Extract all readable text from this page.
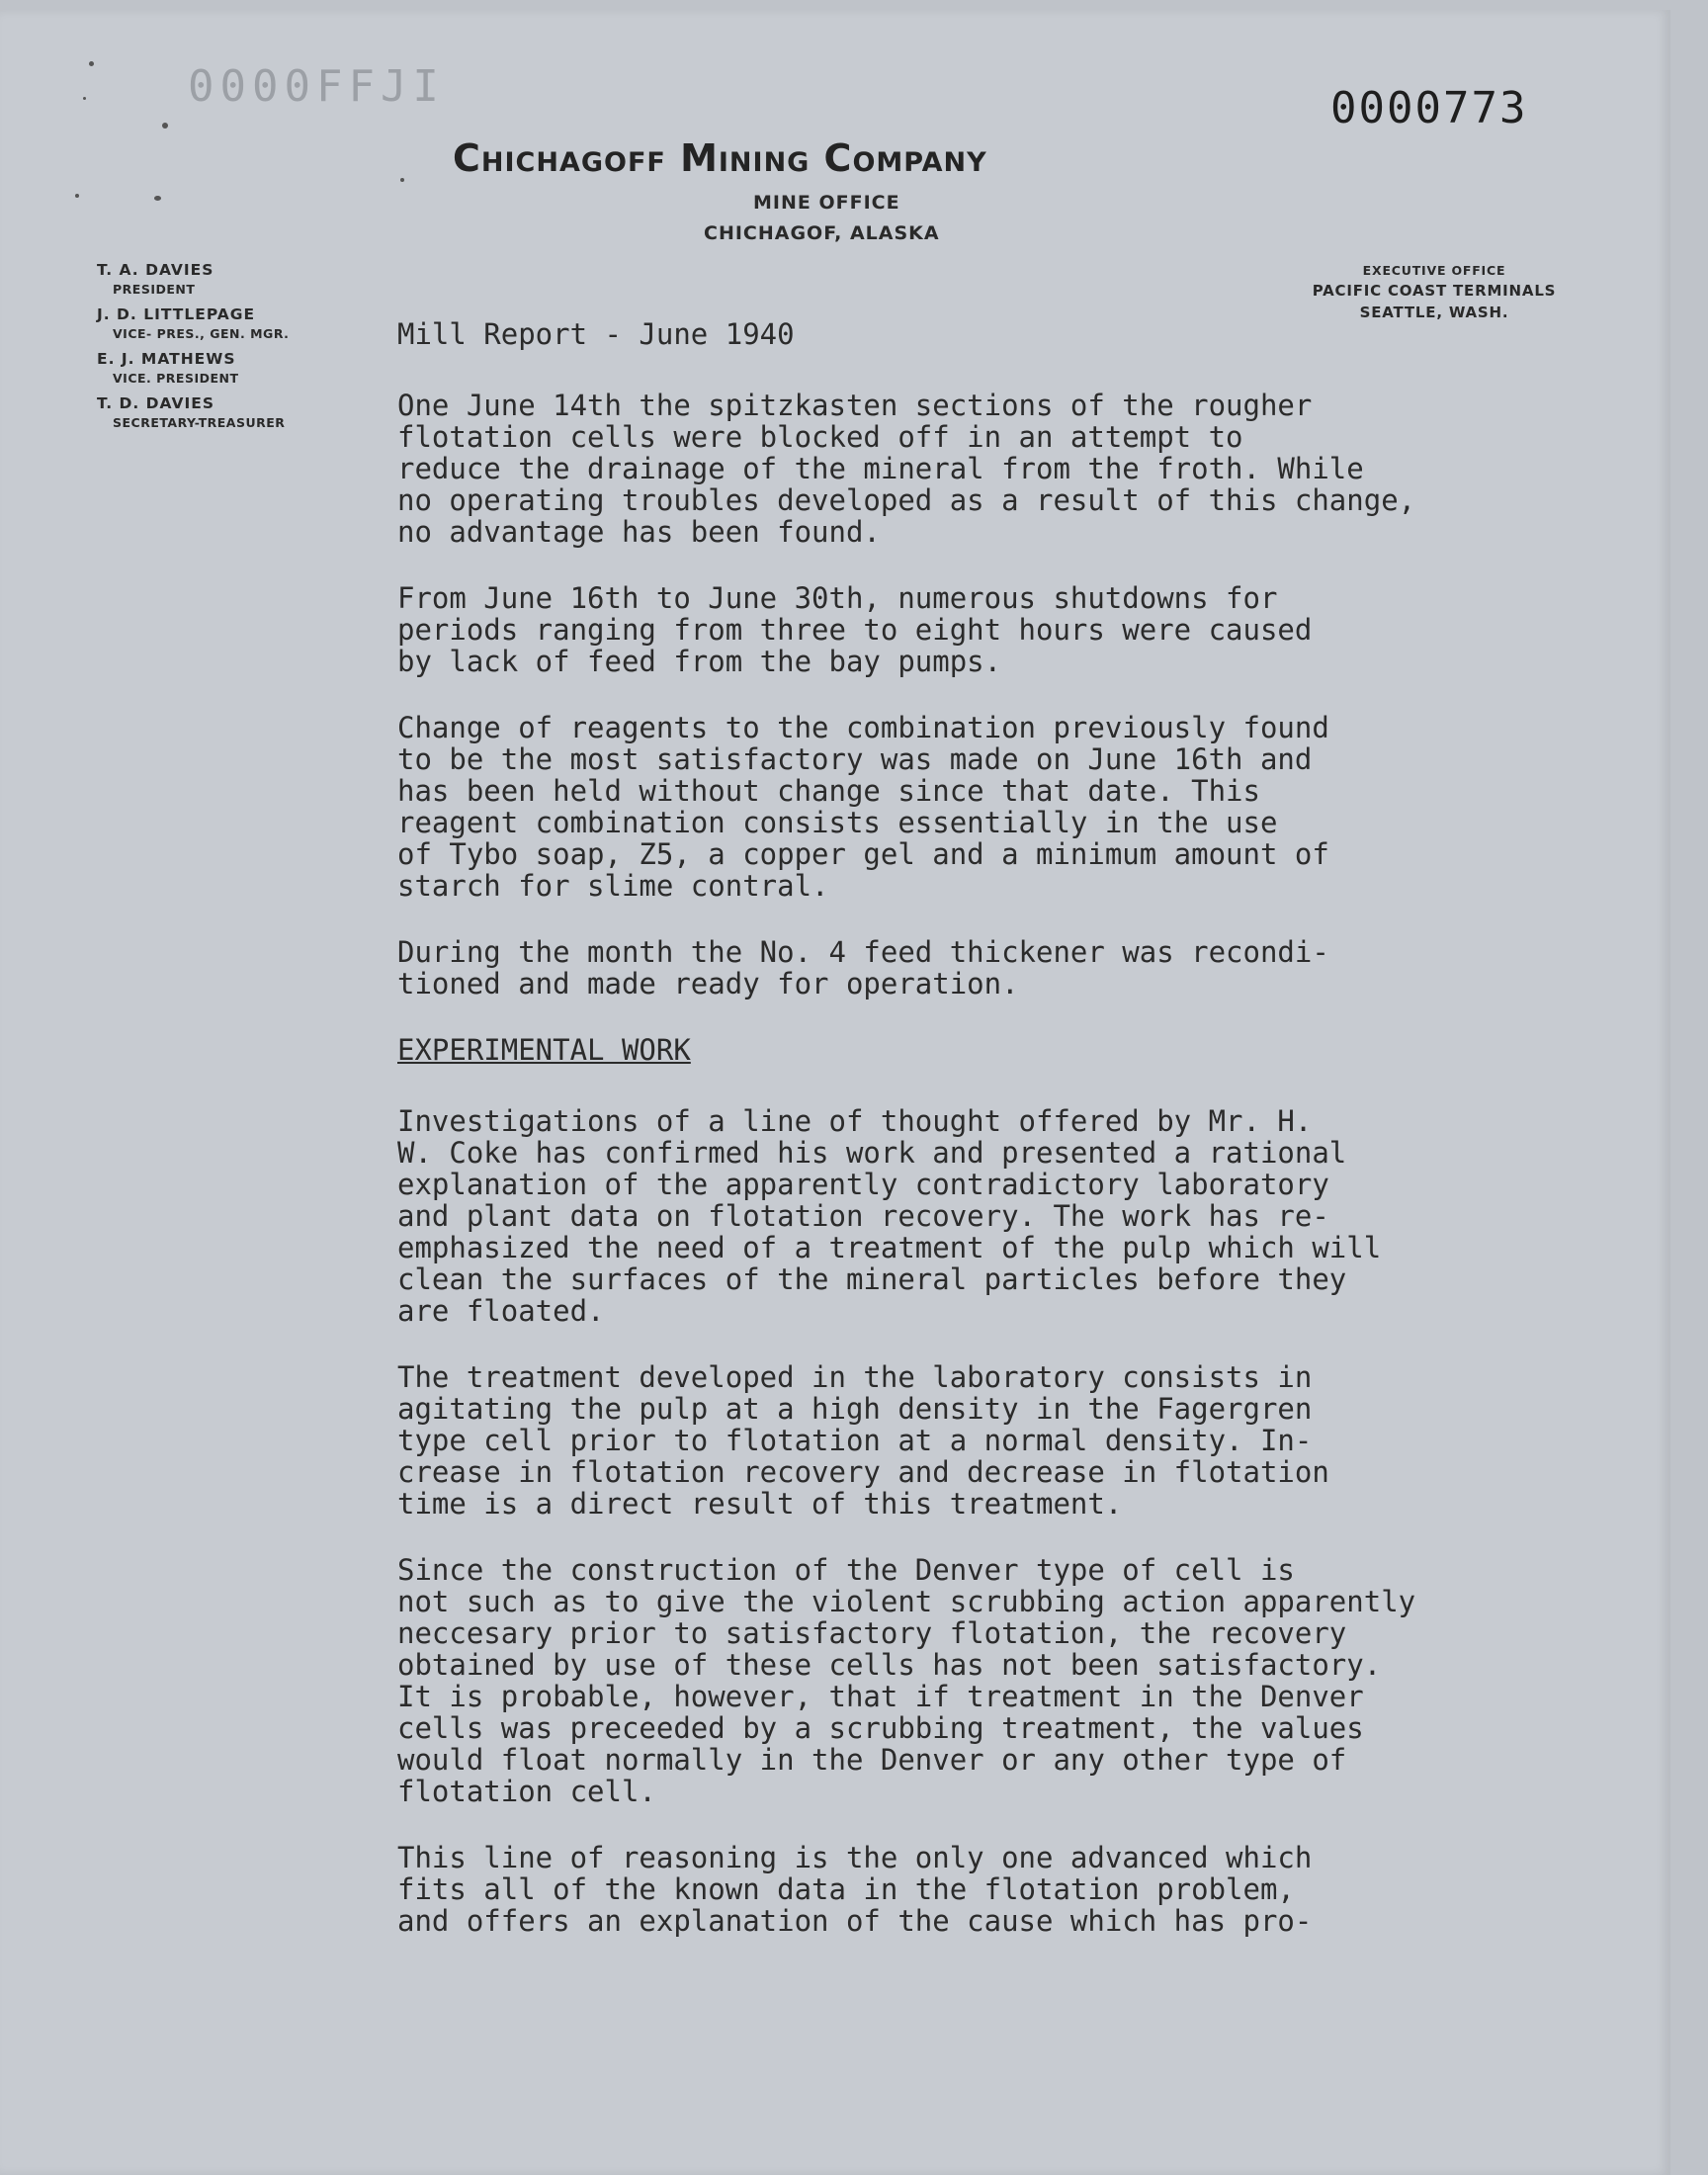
0000FFJI	0000773
Chichagoff Mining Company
MINE OFFICE
CHICHAGOF, ALASKA
T. A. DAVIES
PRESIDENT
J. D. LITTLEPAGE
VICE- PRES., GEN. MGR.
E. J. MATHEWS
VICE. PRESIDENT
T. D. DAVIES
SECRETARY-TREASURER
EXECUTIVE OFFICE
PACIFIC COAST TERMINALS
SEATTLE, WASH.
Mill Report - June 1940

One June 14th the spitzkasten sections of the rougher
flotation cells were blocked off in an attempt to
reduce the drainage of the mineral from the froth. While
no operating troubles developed as a result of this change,
no advantage has been found.

From June 16th to June 30th, numerous shutdowns for
periods ranging from three to eight hours were caused
by lack of feed from the bay pumps.

Change of reagents to the combination previously found
to be the most satisfactory was made on June 16th and
has been held without change since that date. This
reagent combination consists essentially in the use
of Tybo soap, Z5, a copper gel and a minimum amount of
starch for slime contral.

During the month the No. 4 feed thickener was recondi-
tioned and made ready for operation.

EXPERIMENTAL WORK

Investigations of a line of thought offered by Mr. H.
W. Coke has confirmed his work and presented a rational
explanation of the apparently contradictory laboratory
and plant data on flotation recovery. The work has re-
emphasized the need of a treatment of the pulp which will
clean the surfaces of the mineral particles before they
are floated.

The treatment developed in the laboratory consists in
agitating the pulp at a high density in the Fagergren
type cell prior to flotation at a normal density. In-
crease in flotation recovery and decrease in flotation
time is a direct result of this treatment.

Since the construction of the Denver type of cell is
not such as to give the violent scrubbing action apparently
neccesary prior to satisfactory flotation, the recovery
obtained by use of these cells has not been satisfactory.
It is probable, however, that if treatment in the Denver
cells was preceeded by a scrubbing treatment, the values
would float normally in the Denver or any other type of
flotation cell.

This line of reasoning is the only one advanced which
fits all of the known data in the flotation problem,
and offers an explanation of the cause which has pro-
